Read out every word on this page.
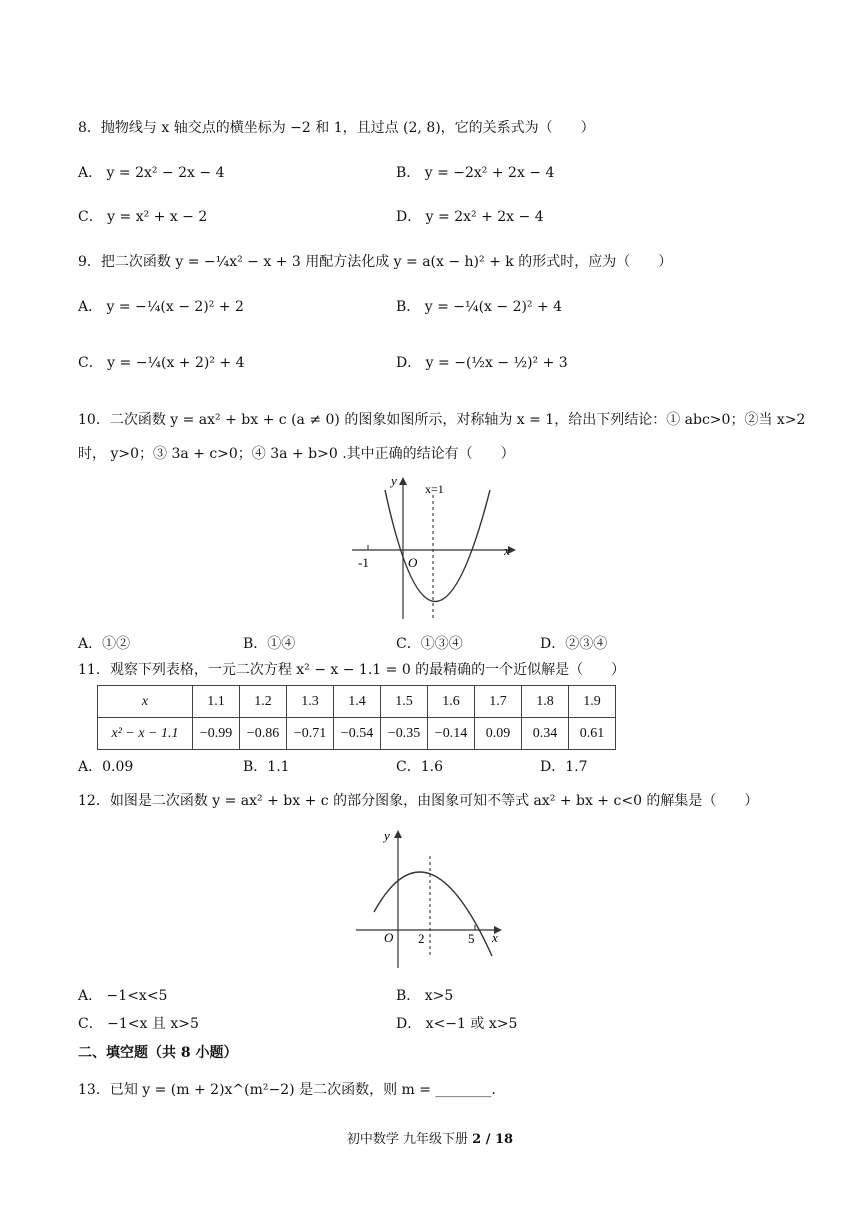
8．抛物线与 x 轴交点的横坐标为 −2 和 1，且过点 (2, 8)，它的关系式为（　　）
A． y = 2x² − 2x − 4	B． y = −2x² + 2x − 4
C． y = x² + x − 2	D． y = 2x² + 2x − 4
9．把二次函数 y = −¼x² − x + 3 用配方法化成 y = a(x − h)² + k 的形式时，应为（　　）
A． y = −¼(x − 2)² + 2	B． y = −¼(x − 2)² + 4
C． y = −¼(x + 2)² + 4	D． y = −(½x − ½)² + 3
10．二次函数 y = ax² + bx + c (a ≠ 0) 的图象如图所示，对称轴为 x = 1，给出下列结论：① abc>0；②当 x>2
时， y>0；③ 3a + c>0；④ 3a + b>0 .其中正确的结论有（　　）
y
x
O
-1
x=1
A．①②	B．①④	C．①③④	D．②③④
11．观察下列表格，一元二次方程 x² − x − 1.1 = 0 的最精确的一个近似解是（　　）
x	1.1	1.2	1.3	1.4	1.5	1.6	1.7	1.8	1.9
x² − x − 1.1	−0.99	−0.86	−0.71	−0.54	−0.35	−0.14	0.09	0.34	0.61
A．0.09	B．1.1	C．1.6	D．1.7
12．如图是二次函数 y = ax² + bx + c 的部分图象，由图象可知不等式 ax² + bx + c<0 的解集是（　　）
y
x
O 2	5
A． −1<x<5	B． x>5
C． −1<x 且 x>5	D． x<−1 或 x>5
二、填空题（共 8 小题）
13．已知 y = (m + 2)x^(m²−2) 是二次函数，则 m = ________.
初中数学 九年级下册 2 / 18
